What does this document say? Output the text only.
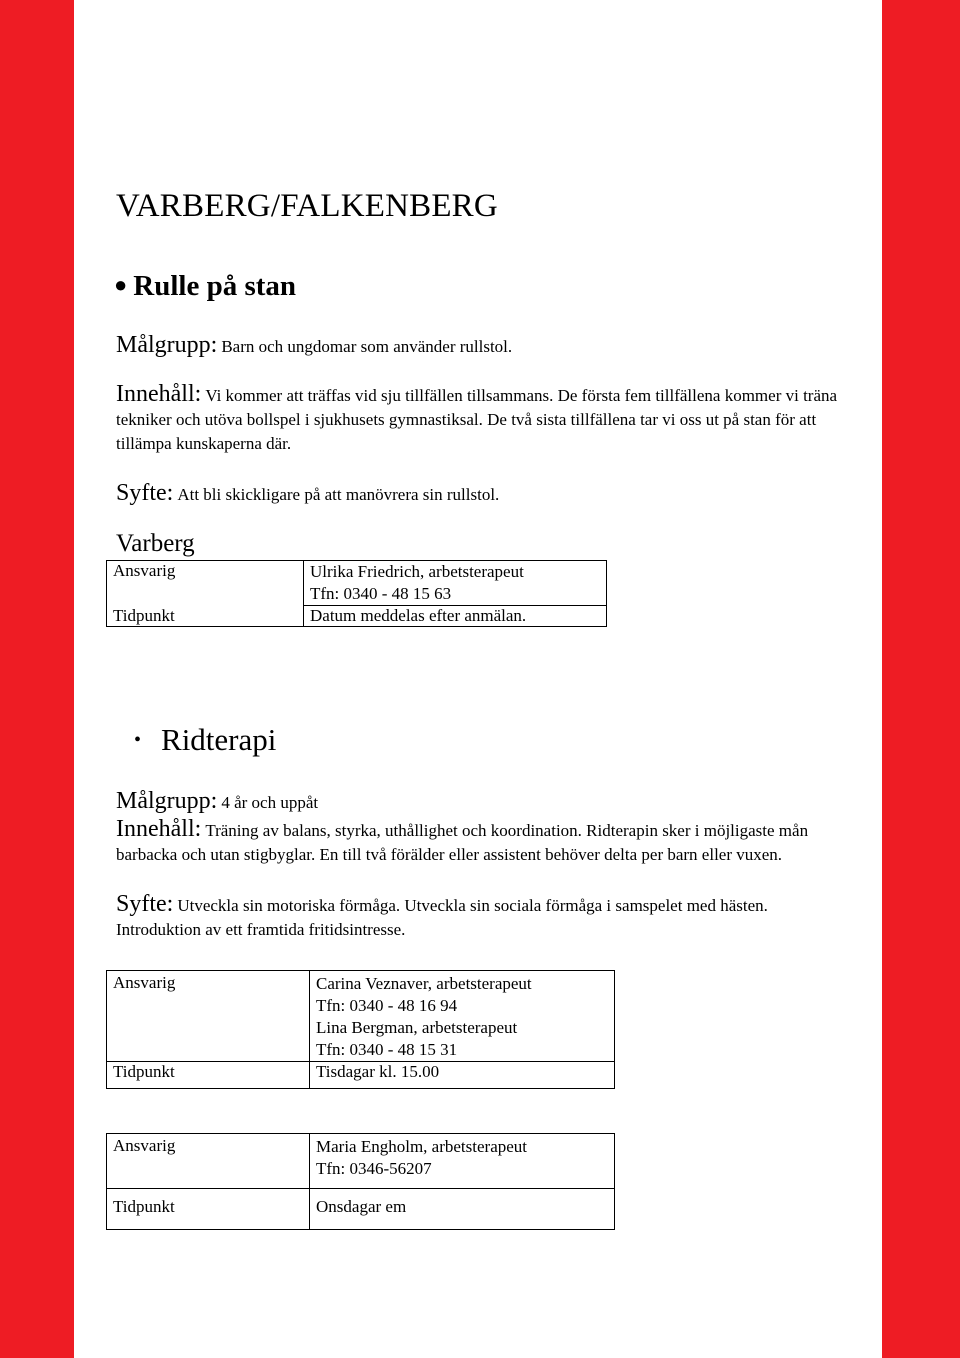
VARBERG/FALKENBERG
● Rulle på stan
Målgrupp: Barn och ungdomar som använder rullstol.
Innehåll: Vi kommer att träffas vid sju tillfällen tillsammans. De första fem tillfällena kommer vi träna tekniker och utöva bollspel i sjukhusets gymnastiksal. De två sista tillfällena tar vi oss ut på stan för att tillämpa kunskaperna där.
Syfte: Att bli skickligare på att manövrera sin rullstol.
Varberg
Ansvarig	Ulrika Friedrich, arbetsterapeut
Tfn: 0340 - 48 15 63

Tidpunkt	Datum meddelas efter anmälan.
• Ridterapi
Målgrupp: 4 år och uppåt
Innehåll: Träning av balans, styrka, uthållighet och koordination. Ridterapin sker i möjligaste mån barbacka och utan stigbyglar. En till två förälder eller assistent behöver delta per barn eller vuxen.
Syfte: Utveckla sin motoriska förmåga. Utveckla sin sociala förmåga i samspelet med hästen. Introduktion av ett framtida fritidsintresse.
Ansvarig	Carina Veznaver, arbetsterapeut
Tfn: 0340 - 48 16 94
Lina Bergman, arbetsterapeut
Tfn: 0340 - 48 15 31

Tidpunkt	Tisdagar kl. 15.00
Ansvarig	Maria Engholm, arbetsterapeut
Tfn: 0346-56207

Tidpunkt	Onsdagar em
